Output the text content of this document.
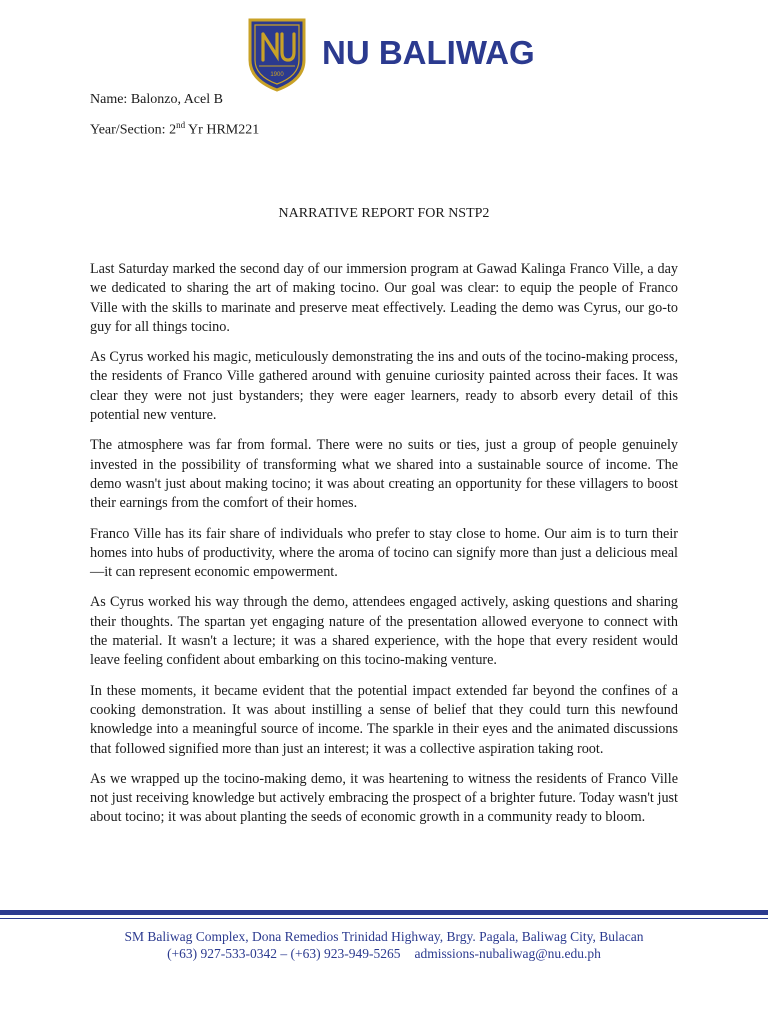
1900
NU BALIWAG
Name: Balonzo, Acel B
Year/Section: 2nd Yr HRM221
NARRATIVE REPORT FOR NSTP2

Last Saturday marked the second day of our immersion program at Gawad Kalinga Franco Ville, a day we dedicated to sharing the art of making tocino. Our goal was clear: to equip the people of Franco Ville with the skills to marinate and preserve meat effectively. Leading the demo was Cyrus, our go-to guy for all things tocino.

As Cyrus worked his magic, meticulously demonstrating the ins and outs of the tocino-making process, the residents of Franco Ville gathered around with genuine curiosity painted across their faces. It was clear they were not just bystanders; they were eager learners, ready to absorb every detail of this potential new venture.

The atmosphere was far from formal. There were no suits or ties, just a group of people genuinely invested in the possibility of transforming what we shared into a sustainable source of income. The demo wasn't just about making tocino; it was about creating an opportunity for these villagers to boost their earnings from the comfort of their homes.

Franco Ville has its fair share of individuals who prefer to stay close to home. Our aim is to turn their homes into hubs of productivity, where the aroma of tocino can signify more than just a delicious meal—it can represent economic empowerment.

As Cyrus worked his way through the demo, attendees engaged actively, asking questions and sharing their thoughts. The spartan yet engaging nature of the presentation allowed everyone to connect with the material. It wasn't a lecture; it was a shared experience, with the hope that every resident would leave feeling confident about embarking on this tocino-making venture.

In these moments, it became evident that the potential impact extended far beyond the confines of a cooking demonstration. It was about instilling a sense of belief that they could turn this newfound knowledge into a meaningful source of income. The sparkle in their eyes and the animated discussions that followed signified more than just an interest; it was a collective aspiration taking root.

As we wrapped up the tocino-making demo, it was heartening to witness the residents of Franco Ville not just receiving knowledge but actively embracing the prospect of a brighter future. Today wasn't just about tocino; it was about planting the seeds of economic growth in a community ready to bloom.

SM Baliwag Complex, Dona Remedios Trinidad Highway, Brgy. Pagala, Baliwag City, Bulacan
(+63) 927-533-0342 – (+63) 923-949-5265 admissions-nubaliwag@nu.edu.ph
